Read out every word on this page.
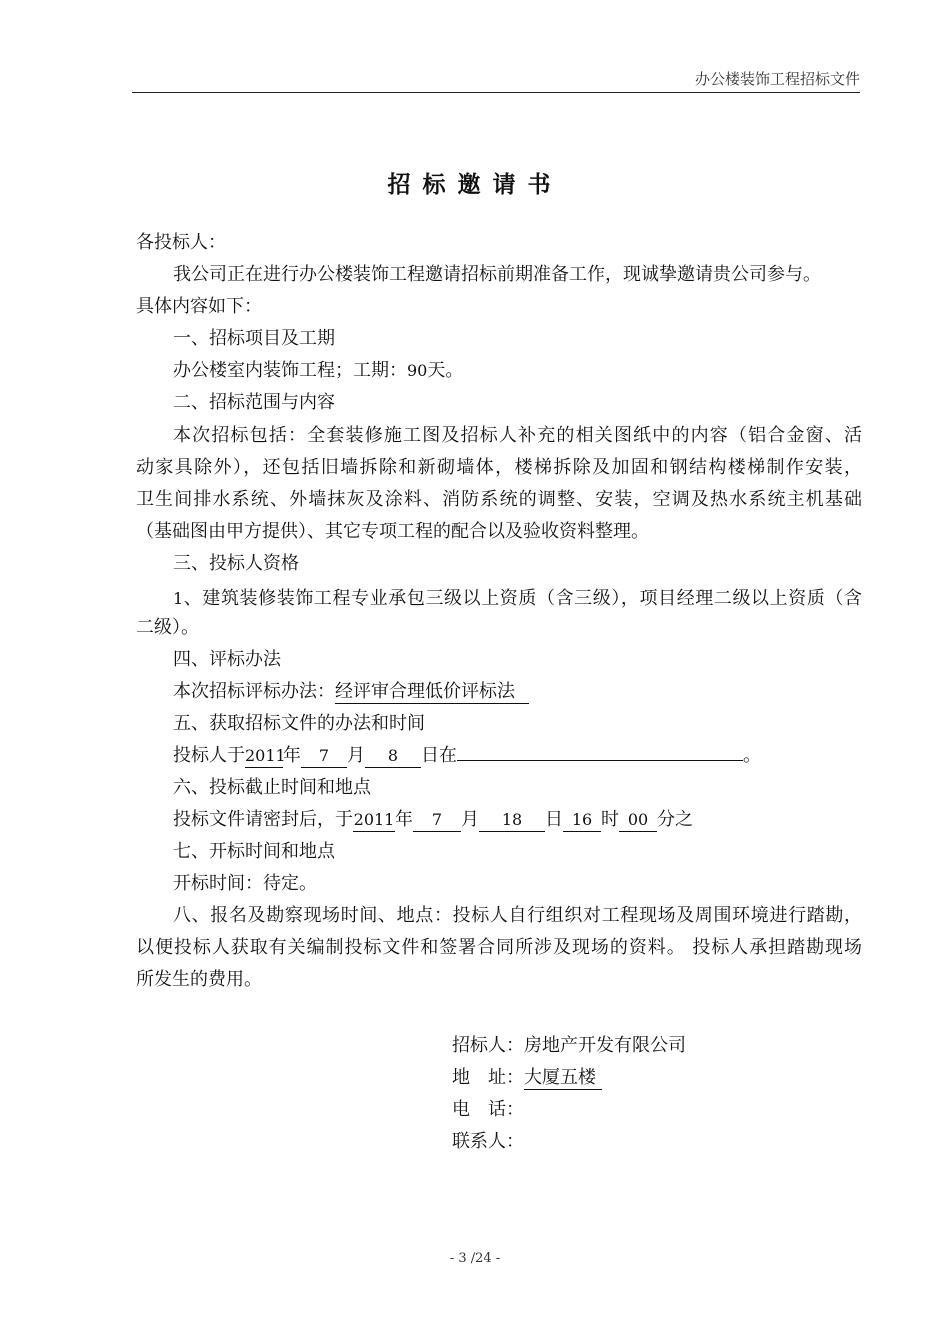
办公楼装饰工程招标文件
招标邀请书
各投标人：
我公司正在进行办公楼装饰工程邀请招标前期准备工作，现诚挚邀请贵公司参与。
具体内容如下：
一、招标项目及工期
办公楼室内装饰工程；工期：90天。
二、招标范围与内容
本次招标包括：全套装修施工图及招标人补充的相关图纸中的内容（铝合金窗、活
动家具除外），还包括旧墙拆除和新砌墙体，楼梯拆除及加固和钢结构楼梯制作安装，
卫生间排水系统、外墙抹灰及涂料、消防系统的调整、安装，空调及热水系统主机基础
（基础图由甲方提供）、其它专项工程的配合以及验收资料整理。
三、投标人资格
1、建筑装修装饰工程专业承包三级以上资质（含三级），项目经理二级以上资质（含
二级）。
四、评标办法
本次招标评标办法：经评审合理低价评标法
五、获取招标文件的办法和时间
投标人于2011年 7 月 8 日在	。
六、投标截止时间和地点
投标文件请密封后，于2011年 7 月 18 日 16 时 00 分之
七、开标时间和地点
开标时间：待定。
八、报名及勘察现场时间、地点：投标人自行组织对工程现场及周围环境进行踏勘，
以便投标人获取有关编制投标文件和签署合同所涉及现场的资料。 投标人承担踏勘现场
所发生的费用。
招标人：房地产开发有限公司
地　址：大厦五楼
电　话：
联系人：
- 3 /24 -
